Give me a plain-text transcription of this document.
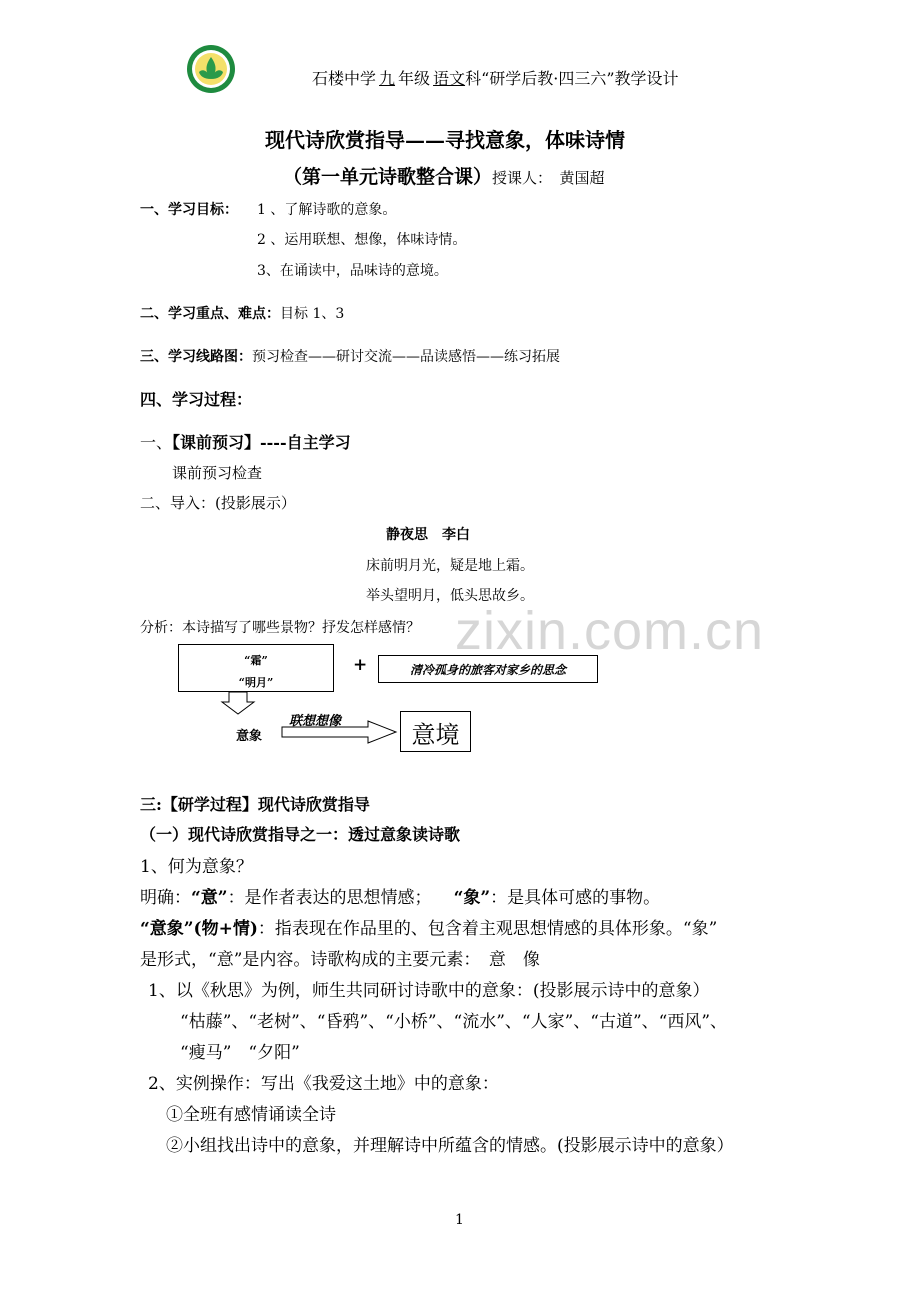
石楼中学 九 年级 语文科“研学后教·四三六”教学设计
现代诗欣赏指导——寻找意象，体味诗情
（第一单元诗歌整合课）授课人：　黄国超
一、学习目标： 1 、了解诗歌的意象。
2 、运用联想、想像，体味诗情。
3、在诵读中，品味诗的意境。
二、学习重点、难点：目标 1、3
三、学习线路图：预习检查——研讨交流——品读感悟——练习拓展
四、学习过程：
一、【课前预习】----自主学习
课前预习检查
二、导入：(投影展示）
静夜思　李白
床前明月光，疑是地上霜。
举头望明月，低头思故乡。
zixin.com.cn
分析：本诗描写了哪些景物？抒发怎样感情？
“霜”
“明月”
+	清冷孤身的旅客对家乡的思念
意象
联想想像	意境
三:【研学过程】现代诗欣赏指导
（一）现代诗欣赏指导之一：透过意象读诗歌
1、何为意象？
明确：“意”：是作者表达的思想情感； “象”：是具体可感的事物。
“意象”(物+情)：指表现在作品里的、包含着主观思想情感的具体形象。“象”
是形式，“意”是内容。诗歌构成的主要元素：　意　像
1、以《秋思》为例，师生共同研讨诗歌中的意象：(投影展示诗中的意象）
“枯藤”、“老树”、“昏鸦”、“小桥”、“流水”、“人家”、“古道”、“西风”、
“瘦马”　“夕阳”
2、实例操作：写出《我爱这土地》中的意象：
①全班有感情诵读全诗
②小组找出诗中的意象，并理解诗中所蕴含的情感。(投影展示诗中的意象）
1
